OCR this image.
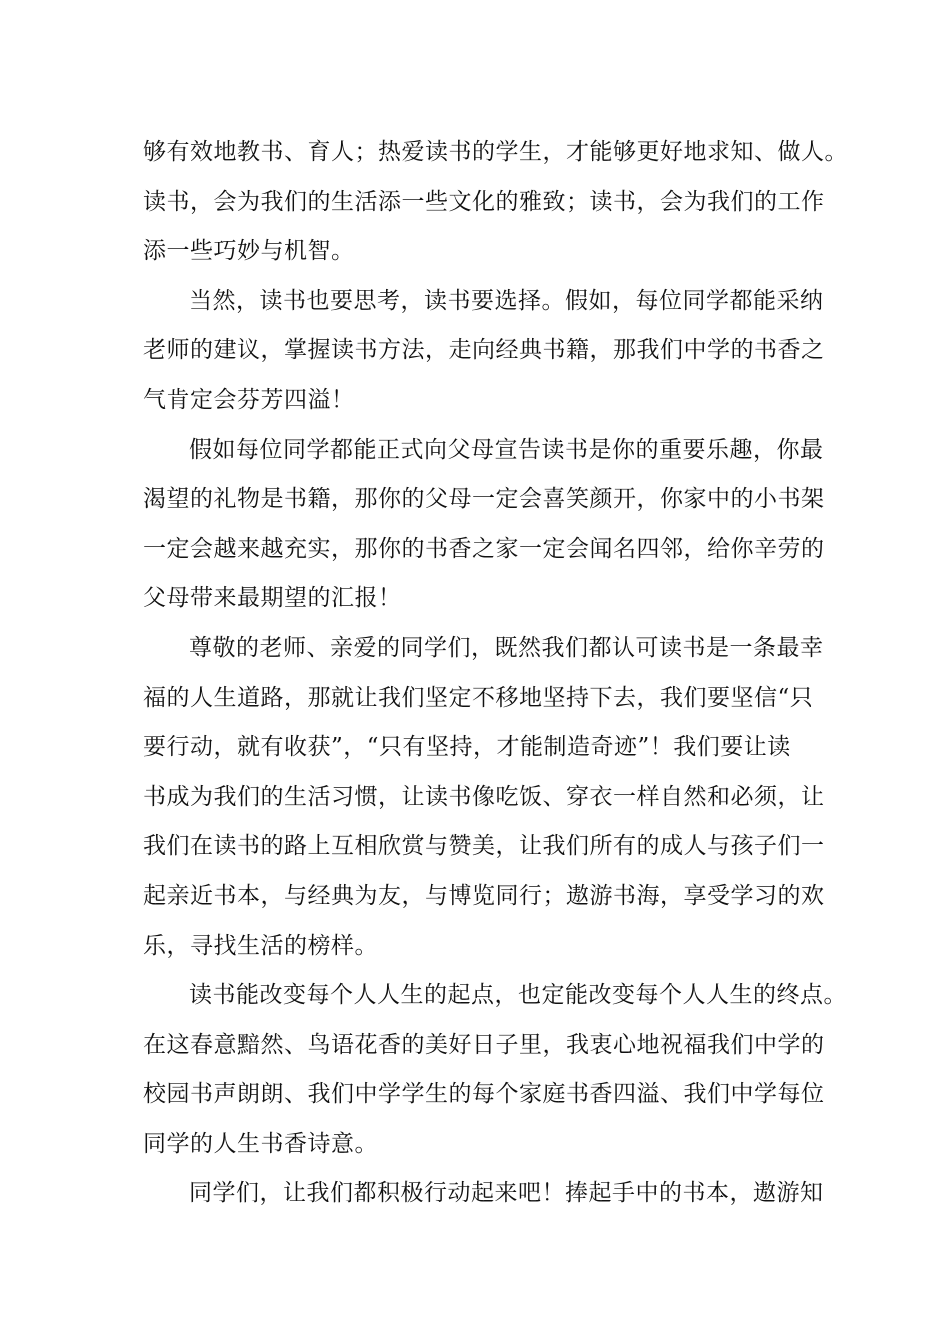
够有效地教书、育人；热爱读书的学生，才能够更好地求知、做人。
读书，会为我们的生活添一些文化的雅致；读书，会为我们的工作
添一些巧妙与机智。
当然，读书也要思考，读书要选择。假如，每位同学都能采纳
老师的建议，掌握读书方法，走向经典书籍，那我们中学的书香之
气肯定会芬芳四溢！
假如每位同学都能正式向父母宣告读书是你的重要乐趣，你最
渴望的礼物是书籍，那你的父母一定会喜笑颜开，你家中的小书架
一定会越来越充实，那你的书香之家一定会闻名四邻，给你辛劳的
父母带来最期望的汇报！
尊敬的老师、亲爱的同学们，既然我们都认可读书是一条最幸
福的人生道路，那就让我们坚定不移地坚持下去，我们要坚信“只
要行动，就有收获”，“只有坚持，才能制造奇迹”！我们要让读
书成为我们的生活习惯，让读书像吃饭、穿衣一样自然和必须，让
我们在读书的路上互相欣赏与赞美，让我们所有的成人与孩子们一
起亲近书本，与经典为友，与博览同行；遨游书海，享受学习的欢
乐，寻找生活的榜样。
读书能改变每个人人生的起点，也定能改变每个人人生的终点。
在这春意黯然、鸟语花香的美好日子里，我衷心地祝福我们中学的
校园书声朗朗、我们中学学生的每个家庭书香四溢、我们中学每位
同学的人生书香诗意。
同学们，让我们都积极行动起来吧！捧起手中的书本，遨游知
